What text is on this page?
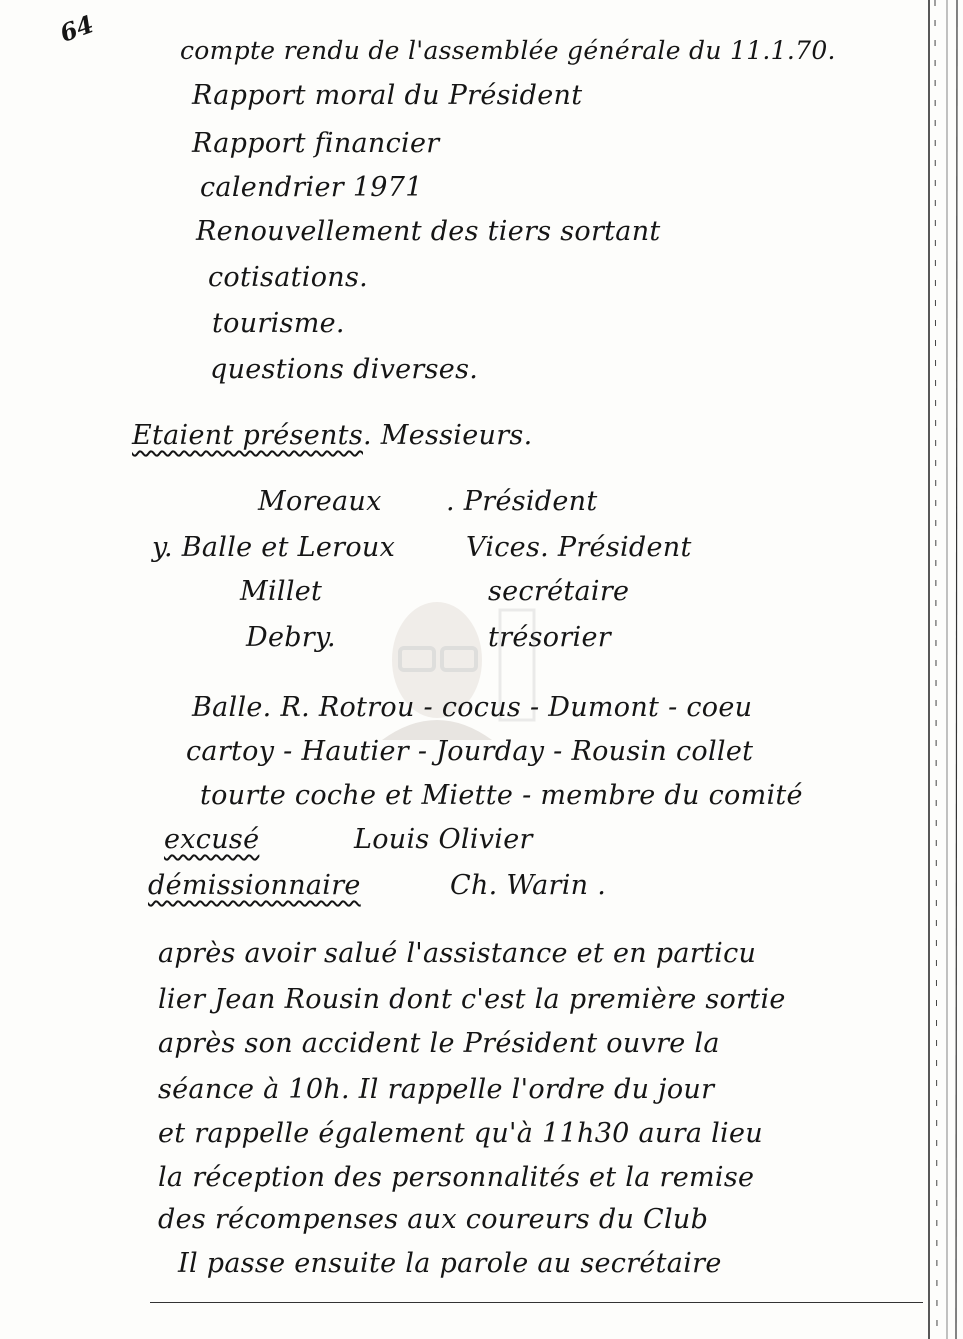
64
compte rendu de l'assemblée générale du 11.1.70.
Rapport moral du Président
Rapport financier
calendrier 1971
Renouvellement des tiers sortant
cotisations.
tourisme.
questions diverses.
Etaient présents. Messieurs.
Moreaux . Président
y. Balle et Leroux	Vices. Président
Millet	secrétaire
Debry.	trésorier
Balle. R. Rotrou - cocus - Dumont - coeu
cartoy - Hautier - Jourday - Rousin collet
tourte coche et Miette - membre du comité
excusé	Louis Olivier
démissionnaire	Ch. Warin .
après avoir salué l'assistance et en particu
lier Jean Rousin dont c'est la première sortie
après son accident le Président ouvre la
séance à 10h. Il rappelle l'ordre du jour
et rappelle également qu'à 11h30 aura lieu
la réception des personnalités et la remise
des récompenses aux coureurs du Club
Il passe ensuite la parole au secrétaire
